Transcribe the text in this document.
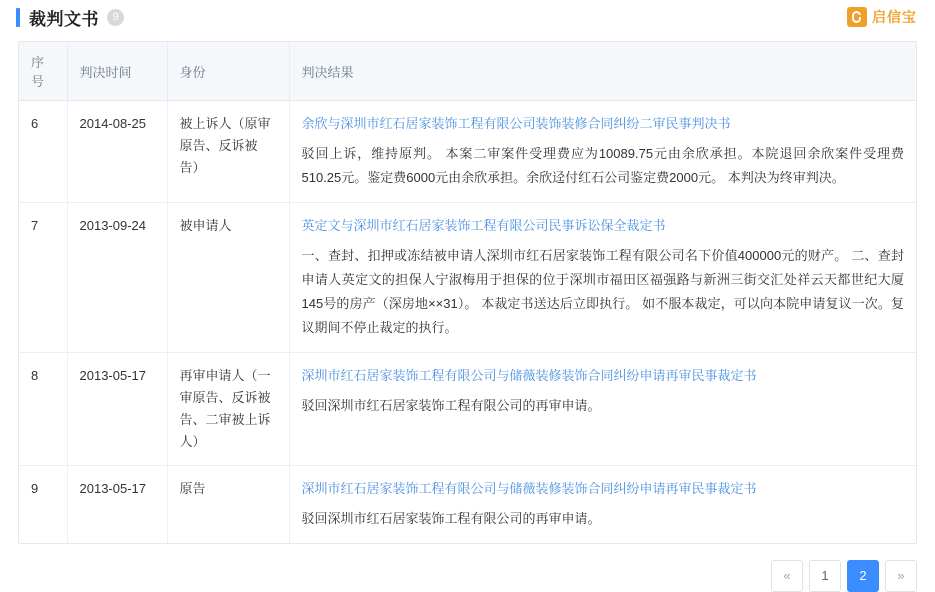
裁判文书	9	启信宝
序号	判决时间	身份	判决结果
6	2014-08-25	被上诉人（原审原告、反诉被告）	余欣与深圳市红石居家装饰工程有限公司装饰装修合同纠纷二审民事判决书
驳回上诉，维持原判。 本案二审案件受理费应为10089.75元由余欣承担。本院退回余欣案件受理费510.25元。鉴定费6000元由余欣承担。余欣迳付红石公司鉴定费2000元。 本判决为终审判决。

7	2013-09-24	被申请人	英定文与深圳市红石居家装饰工程有限公司民事诉讼保全裁定书
一、查封、扣押或冻结被申请人深圳市红石居家装饰工程有限公司名下价值400000元的财产。 二、查封申请人英定文的担保人宁淑梅用于担保的位于深圳市福田区福强路与新洲三街交汇处祥云天都世纪大厦145号的房产（深房地××31）。 本裁定书送达后立即执行。 如不服本裁定，可以向本院申请复议一次。复议期间不停止裁定的执行。

8	2013-05-17	再审申请人（一审原告、反诉被告、二审被上诉人）	深圳市红石居家装饰工程有限公司与储薇装修装饰合同纠纷申请再审民事裁定书
驳回深圳市红石居家装饰工程有限公司的再审申请。

9	2013-05-17	原告	深圳市红石居家装饰工程有限公司与储薇装修装饰合同纠纷申请再审民事裁定书
驳回深圳市红石居家装饰工程有限公司的再审申请。
«	1	2	»
